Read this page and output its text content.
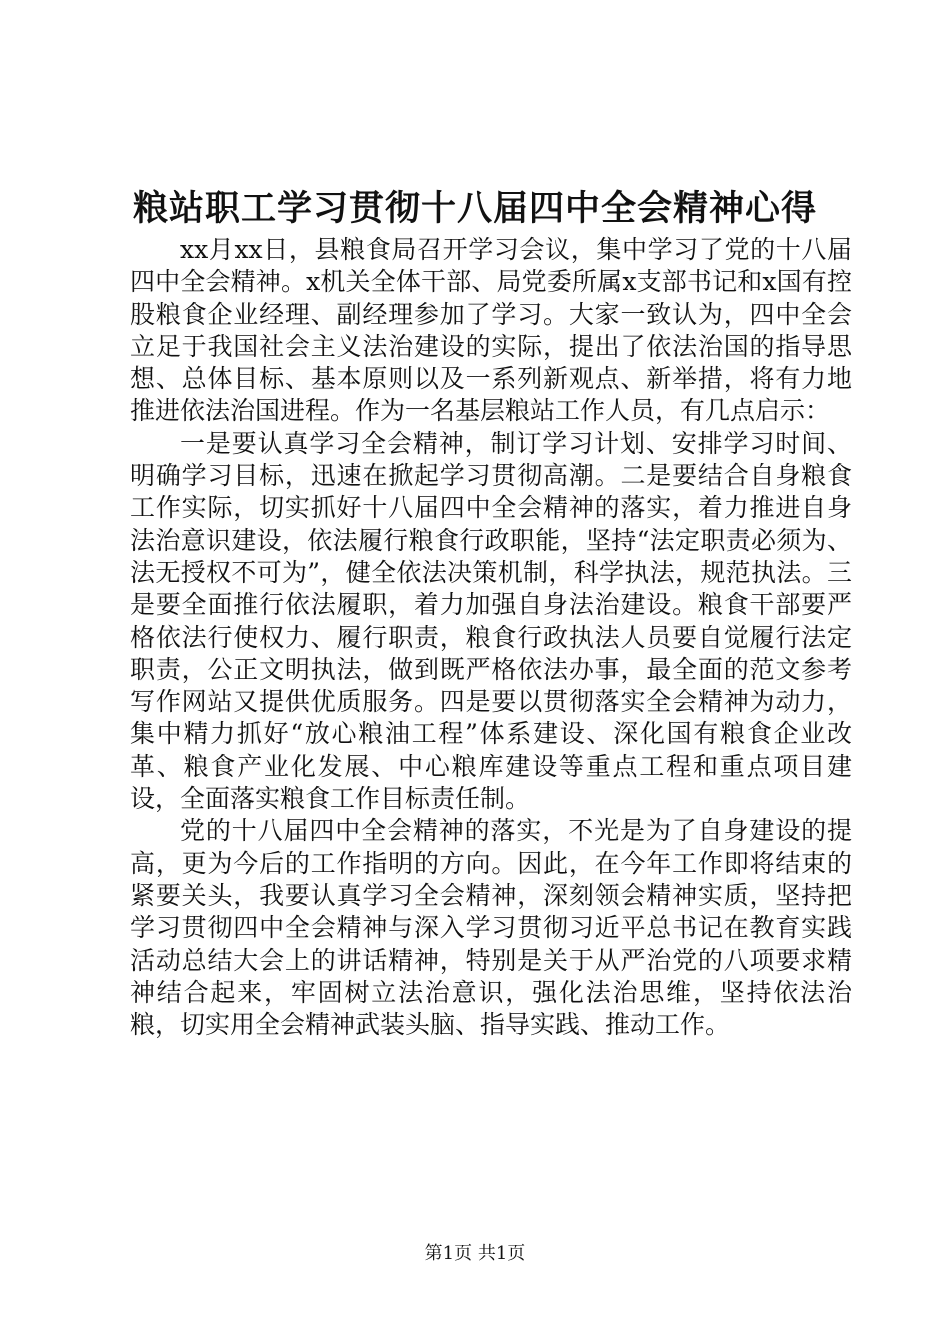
粮站职工学习贯彻十八届四中全会精神心得

xx月xx日，县粮食局召开学习会议，集中学习了党的十八届四中全会精神。x机关全体干部、局党委所属x支部书记和x国有控股粮食企业经理、副经理参加了学习。大家一致认为，四中全会立足于我国社会主义法治建设的实际，提出了依法治国的指导思想、总体目标、基本原则以及一系列新观点、新举措，将有力地推进依法治国进程。作为一名基层粮站工作人员，有几点启示：

一是要认真学习全会精神，制订学习计划、安排学习时间、明确学习目标，迅速在掀起学习贯彻高潮。二是要结合自身粮食工作实际，切实抓好十八届四中全会精神的落实，着力推进自身法治意识建设，依法履行粮食行政职能，坚持“法定职责必须为、法无授权不可为”，健全依法决策机制，科学执法，规范执法。三是要全面推行依法履职，着力加强自身法治建设。粮食干部要严格依法行使权力、履行职责，粮食行政执法人员要自觉履行法定职责，公正文明执法，做到既严格依法办事，最全面的范文参考写作网站又提供优质服务。四是要以贯彻落实全会精神为动力，集中精力抓好“放心粮油工程”体系建设、深化国有粮食企业改革、粮食产业化发展、中心粮库建设等重点工程和重点项目建设，全面落实粮食工作目标责任制。

党的十八届四中全会精神的落实，不光是为了自身建设的提高，更为今后的工作指明的方向。因此，在今年工作即将结束的紧要关头，我要认真学习全会精神，深刻领会精神实质，坚持把学习贯彻四中全会精神与深入学习贯彻习近平总书记在教育实践活动总结大会上的讲话精神，特别是关于从严治党的八项要求精神结合起来，牢固树立法治意识，强化法治思维，坚持依法治粮，切实用全会精神武装头脑、指导实践、推动工作。

第1页 共1页
